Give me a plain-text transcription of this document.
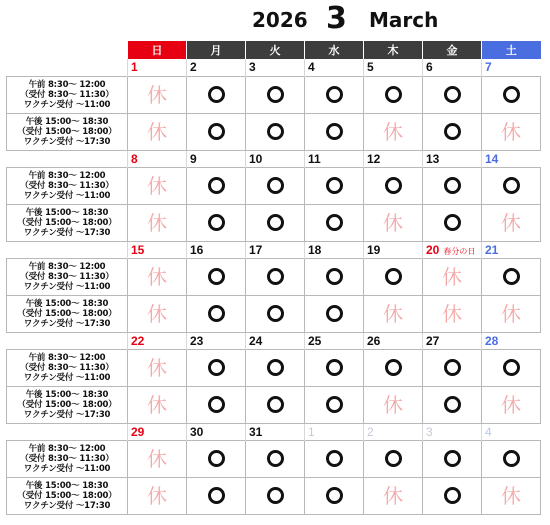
2026 3 March
	日	月	火	水	木	金	土
	1	2	3	4	5	6	7

午前 8:30～ 12:00
（受付 8:30～ 11:30）
ワクチン受付 ～11:00	休						

午後 15:00～ 18:30
（受付 15:00～ 18:00）
ワクチン受付 ～17:30	休				休		休
	8	9	10	11	12	13	14

午前 8:30～ 12:00
（受付 8:30～ 11:30）
ワクチン受付 ～11:00	休						

午後 15:00～ 18:30
（受付 15:00～ 18:00）
ワクチン受付 ～17:30	休				休		休
	15	16	17	18	19	20 春分の日	21

午前 8:30～ 12:00
（受付 8:30～ 11:30）
ワクチン受付 ～11:00	休					休	

午後 15:00～ 18:30
（受付 15:00～ 18:00）
ワクチン受付 ～17:30	休				休	休	休
	22	23	24	25	26	27	28

午前 8:30～ 12:00
（受付 8:30～ 11:30）
ワクチン受付 ～11:00	休						

午後 15:00～ 18:30
（受付 15:00～ 18:00）
ワクチン受付 ～17:30	休				休		休
	29	30	31	1	2	3	4

午前 8:30～ 12:00
（受付 8:30～ 11:30）
ワクチン受付 ～11:00	休						

午後 15:00～ 18:30
（受付 15:00～ 18:00）
ワクチン受付 ～17:30	休				休		休
